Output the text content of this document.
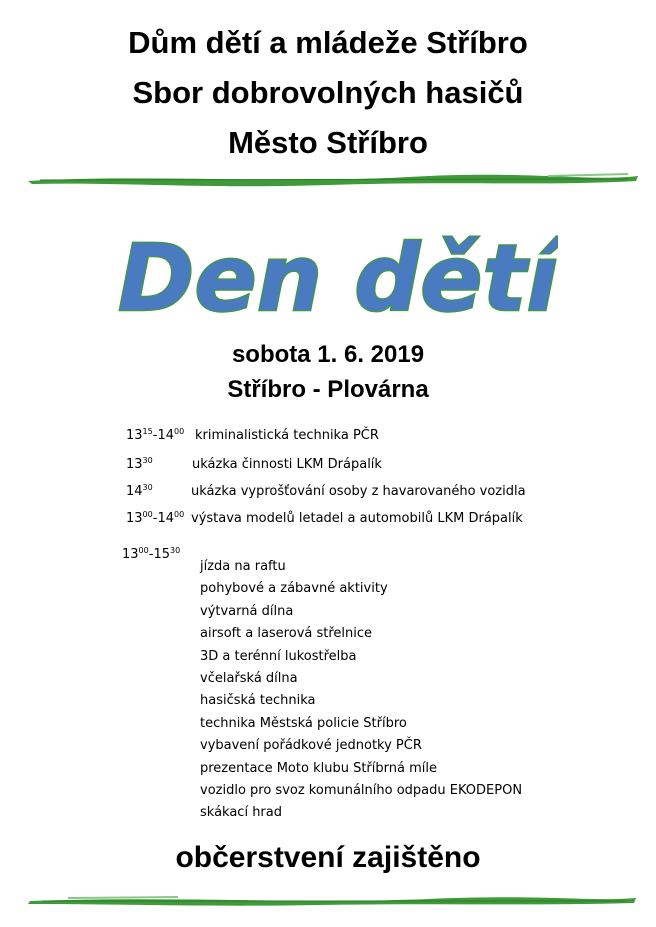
Dům dětí a mládeže Stříbro
Sbor dobrovolných hasičů
Město Stříbro
Den dětí
sobota 1. 6. 2019
Stříbro - Plovárna
$13^{15}-14^{00}$ kriminalistická technika PČR
$13^{30}$	ukázka činnosti LKM Drápalík
$14^{30}$	ukázka vyprošťování osoby z havarovaného vozidla
$13^{00}-14^{00}$ výstava modelů letadel a automobilů LKM Drápalík
$13^{00}-15^{30}$
jízda na raftu
pohybové a zábavné aktivity
výtvarná dílna
airsoft a laserová střelnice
3D a terénní lukostřelba
včelařská dílna
hasičská technika
technika Městská policie Stříbro
vybavení pořádkové jednotky PČR
prezentace Moto klubu Stříbrná míle
vozidlo pro svoz komunálního odpadu EKODEPON
skákací hrad
občerstvení zajištěno
